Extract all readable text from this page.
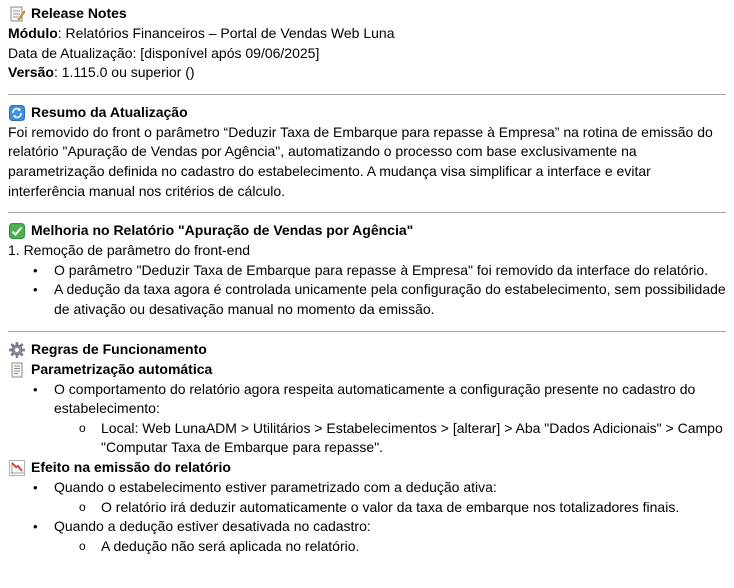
Release Notes

Módulo: Relatórios Financeiros – Portal de Vendas Web Luna

Data de Atualização: [disponível após 09/06/2025]

Versão: 1.115.0 ou superior ()

Resumo da Atualização

Foi removido do front o parâmetro “Deduzir Taxa de Embarque para repasse à Empresa” na rotina de emissão do relatório "Apuração de Vendas por Agência", automatizando o processo com base exclusivamente na parametrização definida no cadastro do estabelecimento. A mudança visa simplificar a interface e evitar interferência manual nos critérios de cálculo.

Melhoria no Relatório "Apuração de Vendas por Agência"

1. Remoção de parâmetro do front-end

• O parâmetro "Deduzir Taxa de Embarque para repasse à Empresa" foi removido da interface do relatório.
• A dedução da taxa agora é controlada unicamente pela configuração do estabelecimento, sem possibilidade de ativação ou desativação manual no momento da emissão.
Regras de Funcionamento
Parametrização automática
• O comportamento do relatório agora respeita automaticamente a configuração presente no cadastro do estabelecimento:
o Local: Web LunaADM > Utilitários > Estabelecimentos > [alterar] > Aba "Dados Adicionais" > Campo "Computar Taxa de Embarque para repasse".
Efeito na emissão do relatório
• Quando o estabelecimento estiver parametrizado com a dedução ativa:
o O relatório irá deduzir automaticamente o valor da taxa de embarque nos totalizadores finais.
• Quando a dedução estiver desativada no cadastro:
o A dedução não será aplicada no relatório.
